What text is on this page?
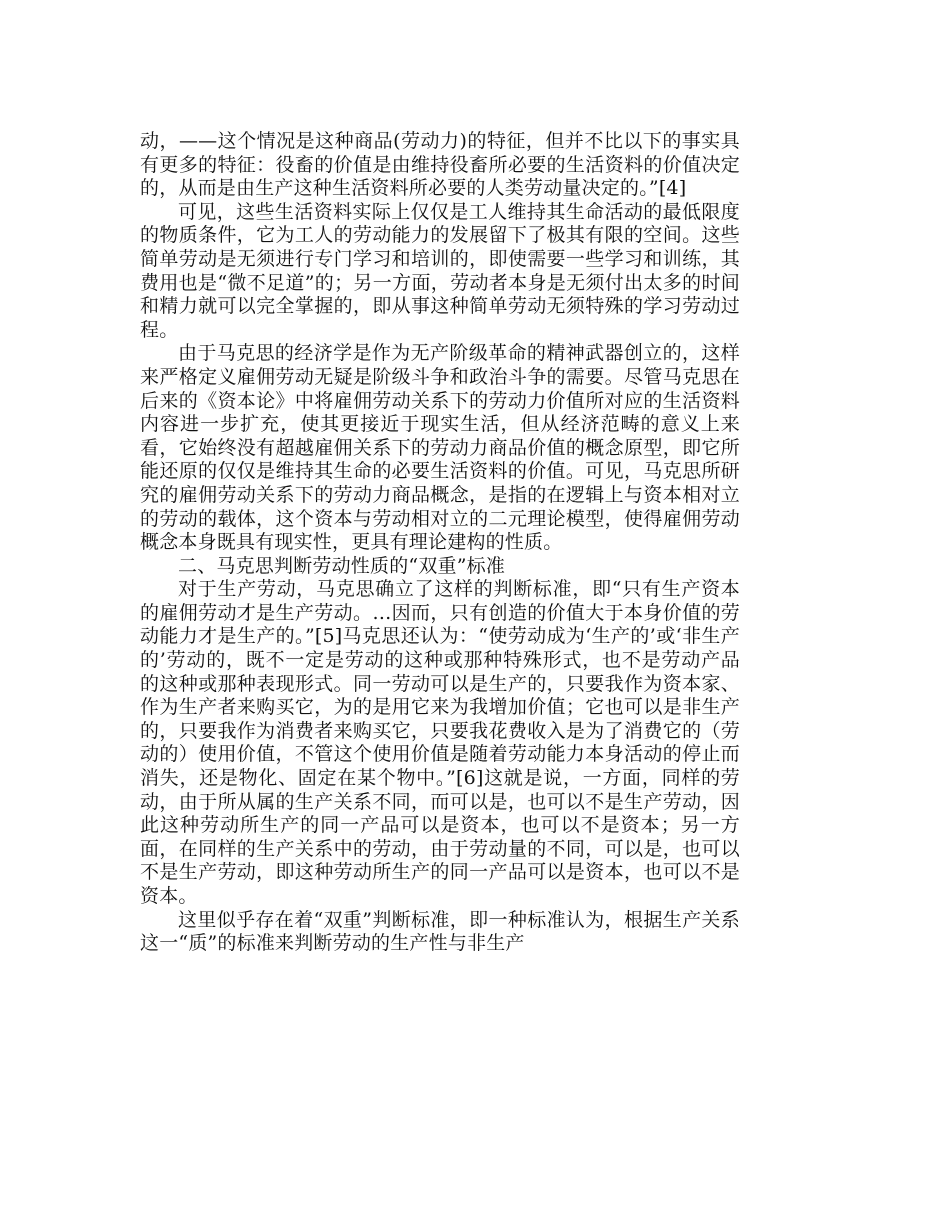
动，——这个情况是这种商品(劳动力)的特征，但并不比以下的事实具有更多的特征：役畜的价值是由维持役畜所必要的生活资料的价值决定的，从而是由生产这种生活资料所必要的人类劳动量决定的。”[4]

可见，这些生活资料实际上仅仅是工人维持其生命活动的最低限度的物质条件，它为工人的劳动能力的发展留下了极其有限的空间。这些简单劳动是无须进行专门学习和培训的，即使需要一些学习和训练，其费用也是“微不足道”的；另一方面，劳动者本身是无须付出太多的时间和精力就可以完全掌握的，即从事这种简单劳动无须特殊的学习劳动过程。

由于马克思的经济学是作为无产阶级革命的精神武器创立的，这样来严格定义雇佣劳动无疑是阶级斗争和政治斗争的需要。尽管马克思在后来的《资本论》中将雇佣劳动关系下的劳动力价值所对应的生活资料内容进一步扩充，使其更接近于现实生活，但从经济范畴的意义上来看，它始终没有超越雇佣关系下的劳动力商品价值的概念原型，即它所能还原的仅仅是维持其生命的必要生活资料的价值。可见，马克思所研究的雇佣劳动关系下的劳动力商品概念，是指的在逻辑上与资本相对立的劳动的载体，这个资本与劳动相对立的二元理论模型，使得雇佣劳动概念本身既具有现实性，更具有理论建构的性质。

二、马克思判断劳动性质的“双重”标准

对于生产劳动，马克思确立了这样的判断标准，即“只有生产资本的雇佣劳动才是生产劳动。…因而，只有创造的价值大于本身价值的劳动能力才是生产的。”[5]马克思还认为：“使劳动成为‘生产的’或‘非生产的’劳动的，既不一定是劳动的这种或那种特殊形式，也不是劳动产品的这种或那种表现形式。同一劳动可以是生产的，只要我作为资本家、作为生产者来购买它，为的是用它来为我增加价值；它也可以是非生产的，只要我作为消费者来购买它，只要我花费收入是为了消费它的（劳动的）使用价值，不管这个使用价值是随着劳动能力本身活动的停止而消失，还是物化、固定在某个物中。”[6]这就是说，一方面，同样的劳动，由于所从属的生产关系不同，而可以是，也可以不是生产劳动，因此这种劳动所生产的同一产品可以是资本，也可以不是资本；另一方面，在同样的生产关系中的劳动，由于劳动量的不同，可以是，也可以不是生产劳动，即这种劳动所生产的同一产品可以是资本，也可以不是资本。

这里似乎存在着“双重”判断标准，即一种标准认为，根据生产关系这一“质”的标准来判断劳动的生产性与非生产
